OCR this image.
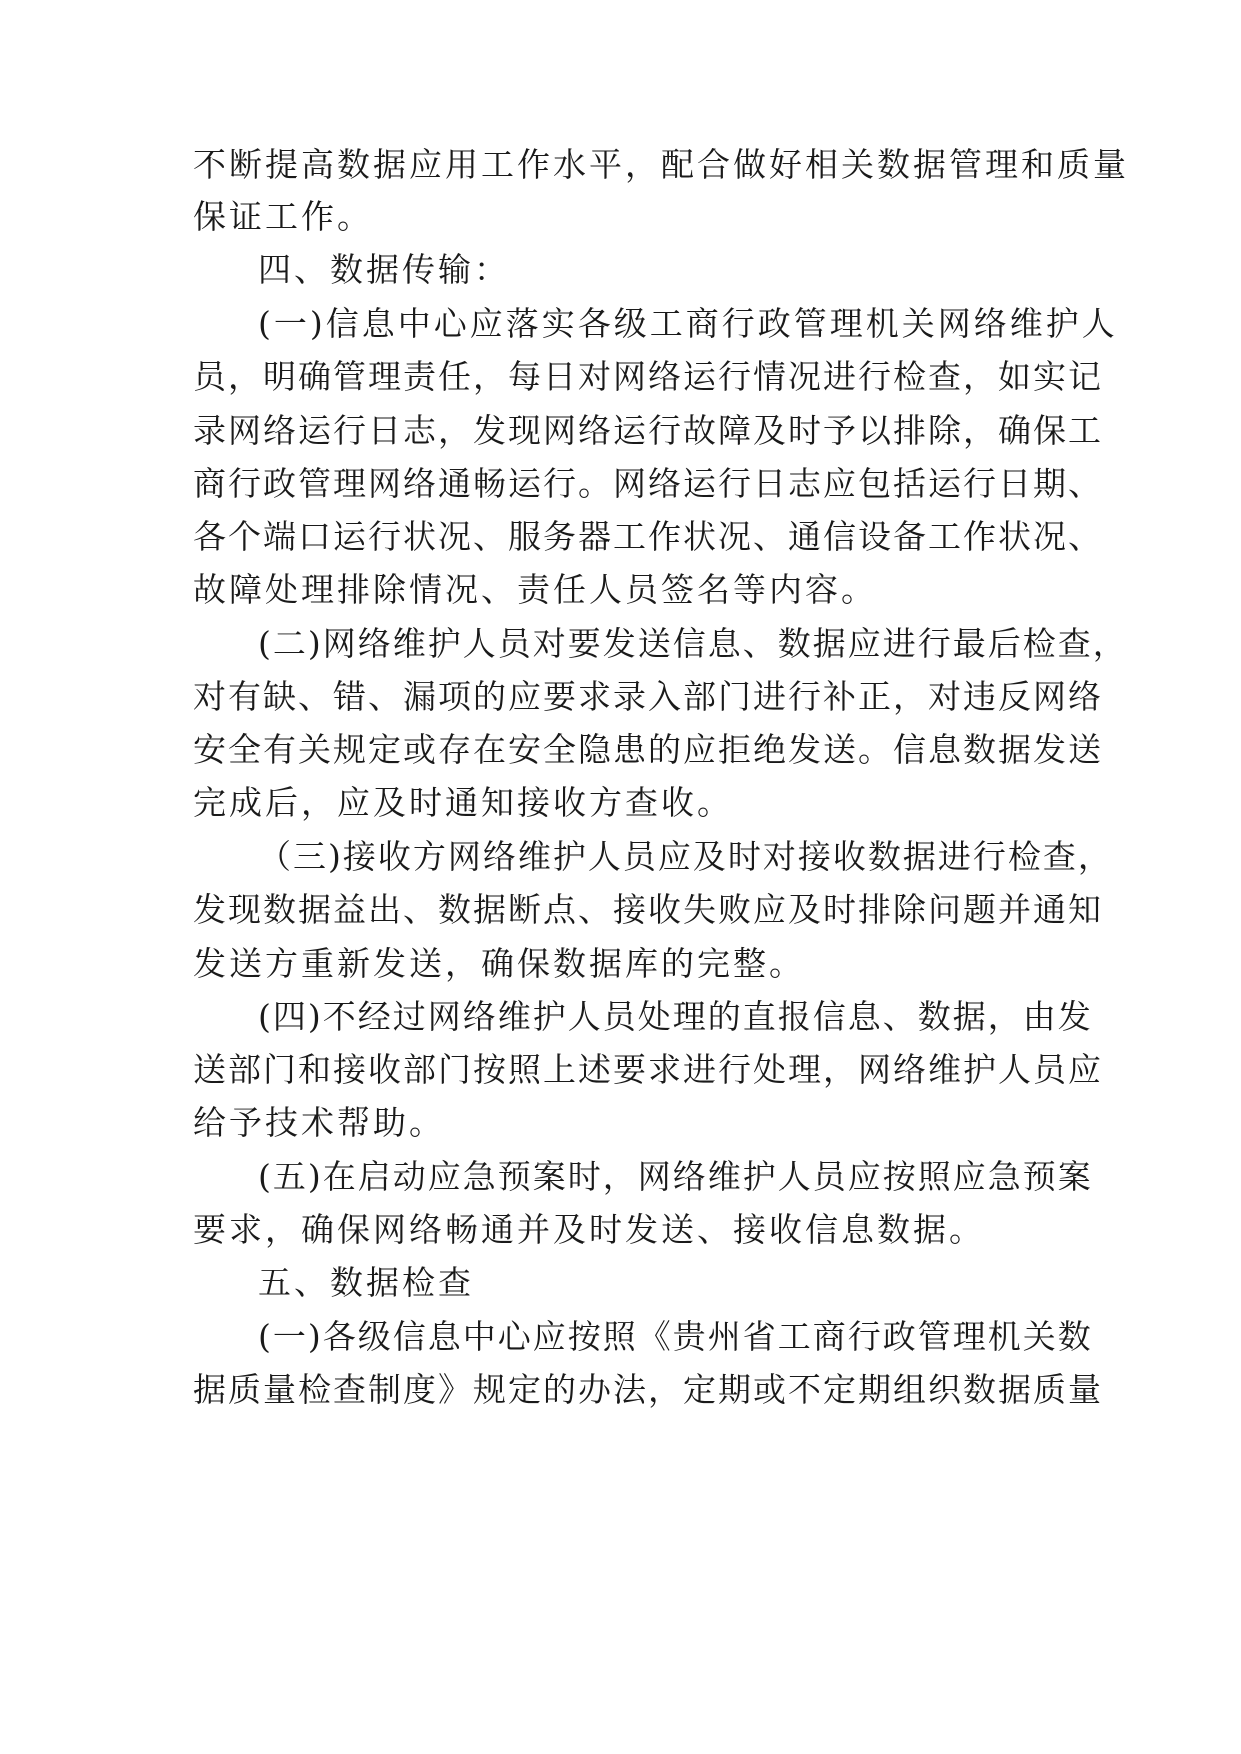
不断提高数据应用工作水平，配合做好相关数据管理和质量

保证工作。

四、数据传输：

(一)信息中心应落实各级工商行政管理机关网络维护人

员，明确管理责任，每日对网络运行情况进行检查，如实记

录网络运行日志，发现网络运行故障及时予以排除，确保工

商行政管理网络通畅运行。网络运行日志应包括运行日期、

各个端口运行状况、服务器工作状况、通信设备工作状况、

故障处理排除情况、责任人员签名等内容。

(二)网络维护人员对要发送信息、数据应进行最后检查，

对有缺、错、漏项的应要求录入部门进行补正，对违反网络

安全有关规定或存在安全隐患的应拒绝发送。信息数据发送

完成后，应及时通知接收方查收。

（三)接收方网络维护人员应及时对接收数据进行检查，

发现数据益出、数据断点、接收失败应及时排除问题并通知

发送方重新发送，确保数据库的完整。

(四)不经过网络维护人员处理的直报信息、数据，由发

送部门和接收部门按照上述要求进行处理，网络维护人员应

给予技术帮助。

(五)在启动应急预案时，网络维护人员应按照应急预案

要求，确保网络畅通并及时发送、接收信息数据。

五、数据检查

(一)各级信息中心应按照《贵州省工商行政管理机关数

据质量检查制度》规定的办法，定期或不定期组织数据质量
